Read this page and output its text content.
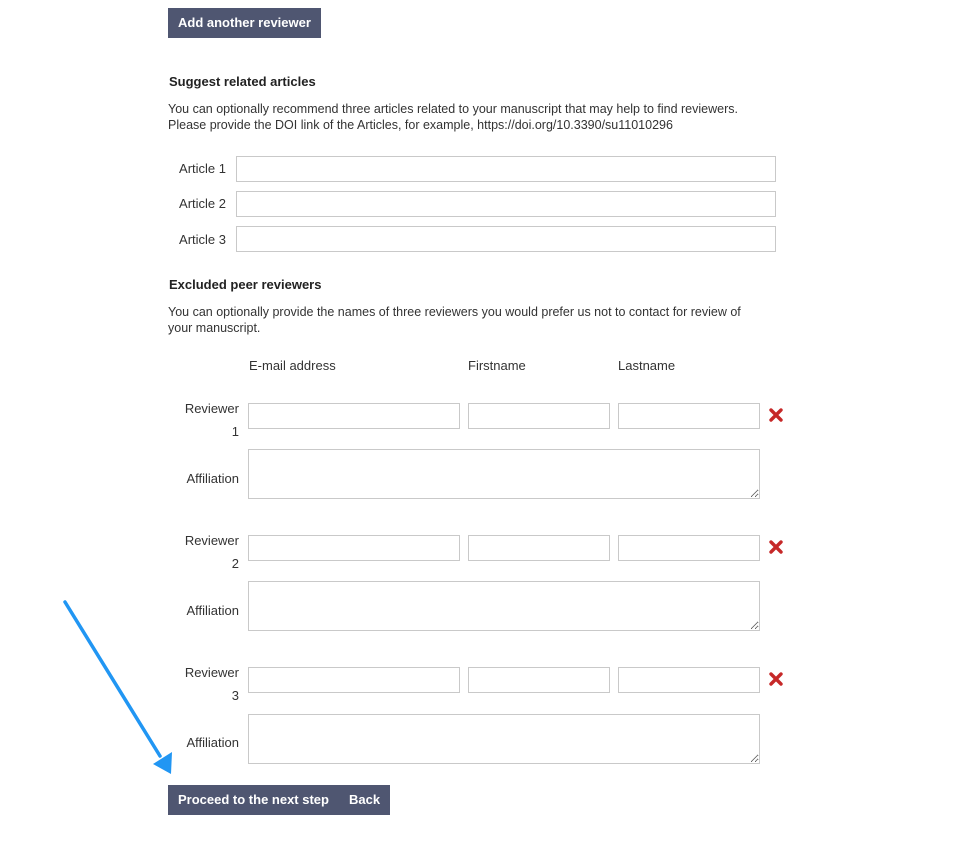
Add another reviewer
Suggest related articles
You can optionally recommend three articles related to your manuscript that may help to find reviewers.
Please provide the DOI link of the Articles, for example, https://doi.org/10.3390/su11010296
Article 1
Article 2
Article 3
Excluded peer reviewers
You can optionally provide the names of three reviewers you would prefer us not to contact for review of
your manuscript.
E-mail address	Firstname	Lastname
Reviewer
1
Affiliation
Reviewer
2
Affiliation
Reviewer
3
Affiliation
Proceed to the next step	Back
